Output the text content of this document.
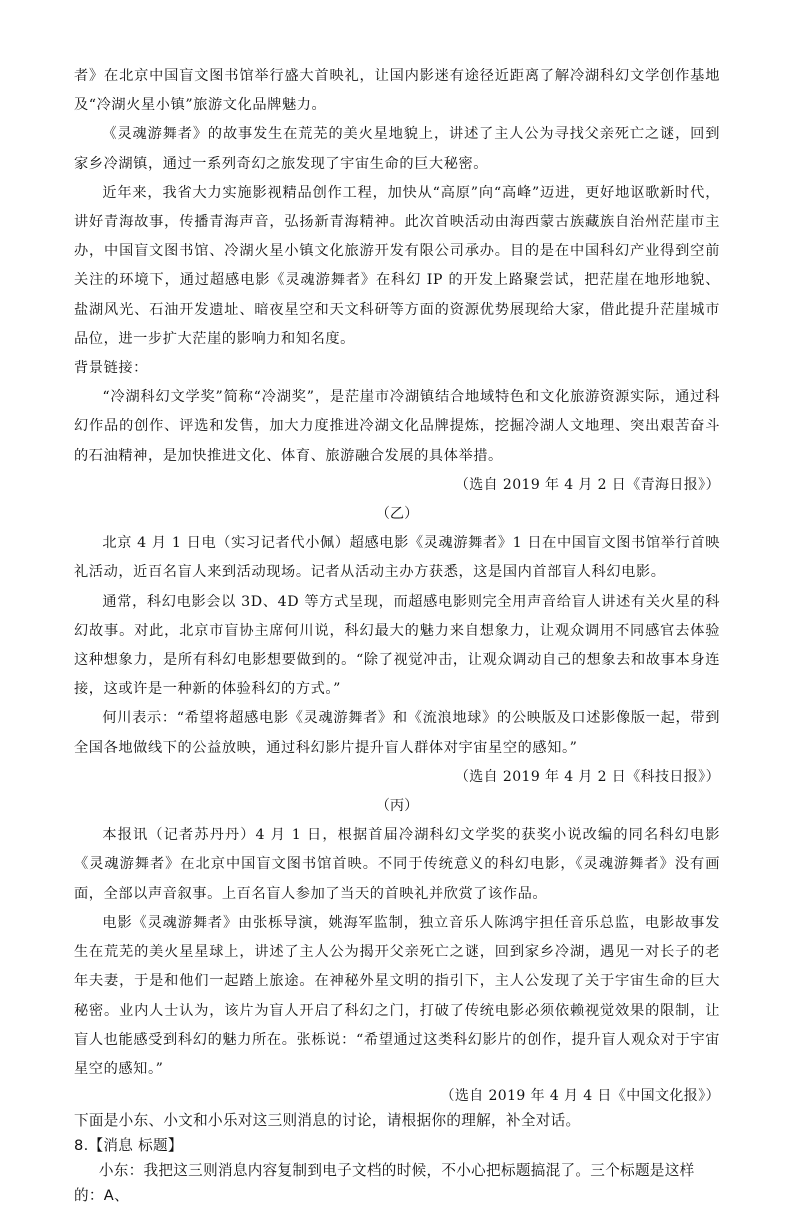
者》在北京中国盲文图书馆举行盛大首映礼，让国内影迷有途径近距离了解冷湖科幻文学创作基地及“冷湖火星小镇”旅游文化品牌魅力。

《灵魂游舞者》的故事发生在荒芜的美火星地貌上，讲述了主人公为寻找父亲死亡之谜，回到家乡冷湖镇，通过一系列奇幻之旅发现了宇宙生命的巨大秘密。

近年来，我省大力实施影视精品创作工程，加快从“高原”向“高峰”迈进，更好地讴歌新时代，讲好青海故事，传播青海声音，弘扬新青海精神。此次首映活动由海西蒙古族藏族自治州茫崖市主办，中国盲文图书馆、冷湖火星小镇文化旅游开发有限公司承办。目的是在中国科幻产业得到空前关注的环境下，通过超感电影《灵魂游舞者》在科幻 IP 的开发上路聚尝试，把茫崖在地形地貌、盐湖风光、石油开发遗址、暗夜星空和天文科研等方面的资源优势展现给大家，借此提升茫崖城市品位，进一步扩大茫崖的影响力和知名度。

背景链接：

“冷湖科幻文学奖”简称“冷湖奖”，是茫崖市冷湖镇结合地域特色和文化旅游资源实际，通过科幻作品的创作、评选和发售，加大力度推进冷湖文化品牌提炼，挖掘冷湖人文地理、突出艰苦奋斗的石油精神，是加快推进文化、体育、旅游融合发展的具体举措。

（选自 2019 年 4 月 2 日《青海日报》）

（乙）

北京 4 月 1 日电（实习记者代小佩）超感电影《灵魂游舞者》1 日在中国盲文图书馆举行首映礼活动，近百名盲人来到活动现场。记者从活动主办方获悉，这是国内首部盲人科幻电影。

通常，科幻电影会以 3D、4D 等方式呈现，而超感电影则完全用声音给盲人讲述有关火星的科幻故事。对此，北京市盲协主席何川说，科幻最大的魅力来自想象力，让观众调用不同感官去体验这种想象力，是所有科幻电影想要做到的。“除了视觉冲击，让观众调动自己的想象去和故事本身连接，这或许是一种新的体验科幻的方式。”

何川表示：“希望将超感电影《灵魂游舞者》和《流浪地球》的公映版及口述影像版一起，带到全国各地做线下的公益放映，通过科幻影片提升盲人群体对宇宙星空的感知。”

（选自 2019 年 4 月 2 日《科技日报》）

（丙）

本报讯（记者苏丹丹）4 月 1 日，根据首届冷湖科幻文学奖的获奖小说改编的同名科幻电影《灵魂游舞者》在北京中国盲文图书馆首映。不同于传统意义的科幻电影，《灵魂游舞者》没有画面，全部以声音叙事。上百名盲人参加了当天的首映礼并欣赏了该作品。

电影《灵魂游舞者》由张栎导演，姚海军监制，独立音乐人陈鸿宇担任音乐总监，电影故事发生在荒芜的美火星星球上，讲述了主人公为揭开父亲死亡之谜，回到家乡冷湖，遇见一对长子的老年夫妻，于是和他们一起踏上旅途。在神秘外星文明的指引下，主人公发现了关于宇宙生命的巨大秘密。业内人士认为，该片为盲人开启了科幻之门，打破了传统电影必须依赖视觉效果的限制，让盲人也能感受到科幻的魅力所在。张栎说：“希望通过这类科幻影片的创作，提升盲人观众对于宇宙星空的感知。”

（选自 2019 年 4 月 4 日《中国文化报》）

下面是小东、小文和小乐对这三则消息的讨论，请根据你的理解，补全对话。

8.【消息 标题】

小东：我把这三则消息内容复制到电子文档的时候，不小心把标题搞混了。三个标题是这样的：A、
